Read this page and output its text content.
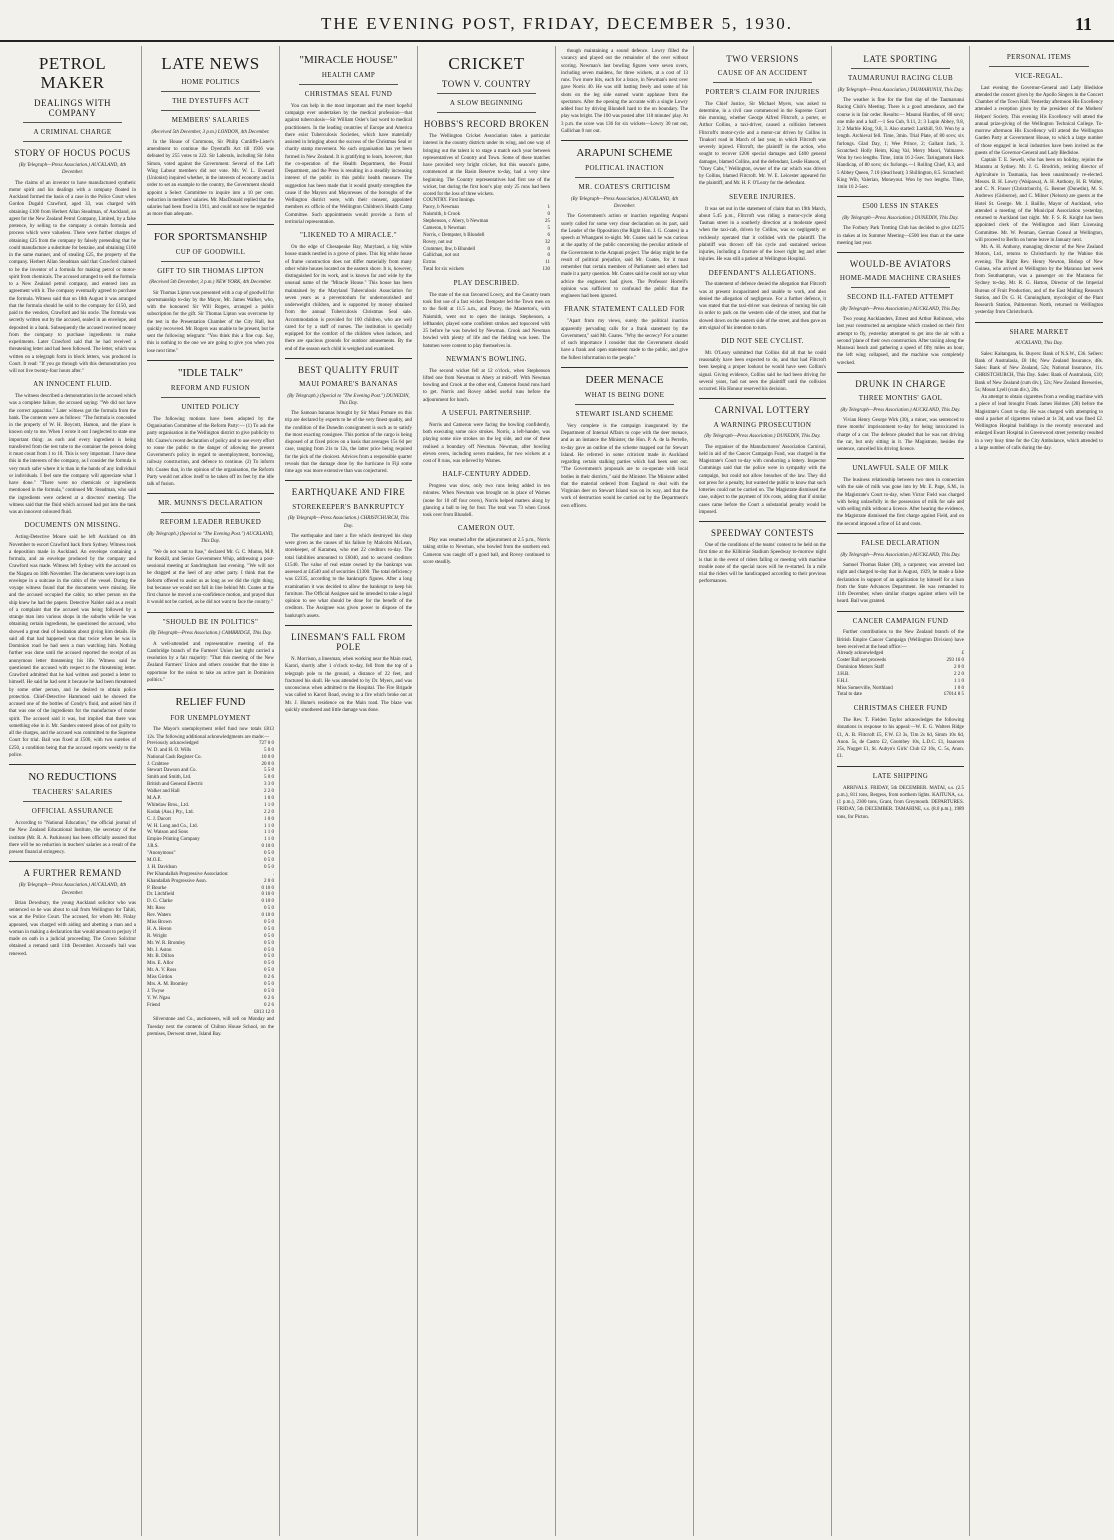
THE EVENING POST, FRIDAY, DECEMBER 5, 1930.	11
PETROL MAKER
DEALINGS WITH COMPANY
A CRIMINAL CHARGE
STORY OF HOCUS POCUS
(By Telegraph—Press Association.) AUCKLAND, 4th December.

The claims of an inventor to have manufactured synthetic motor spirit and his dealings with a company floated in Auckland formed the basis of a case in the Police Court when Gordon Dugald Crawford, aged 33, was charged with obtaining £100 from Herbert Allan Steadman, of Auckland, an agent for the New Zealand Petrol Company, Limited, by a false pretence, by selling to the company a certain formula and process which were valueless. There were further charges of obtaining £25 from the company by falsely pretending that he could manufacture a substitute for benzine, and obtaining £160 in the same manner, and of stealing £25, the property of the company. Herbert Allan Steadman said that Crawford claimed to be the inventor of a formula for making petrol or motor-spirit from chemicals. The accused arranged to sell the formula to a New Zealand petrol company, and entered into an agreement with it. The company eventually agreed to purchase the formula. Witness said that on 18th August it was arranged that the formula should be sold to the company for £150, and paid to the vendors, Crawford and his uncle. The formula was secretly written out by the accused, sealed in an envelope, and deposited in a bank. Subsequently the accused received money from the company to purchase ingredients to make experiments. Later Crawford said that he had received a threatening letter and had been followed. The letter, which was written on a telegraph form in block letters, was produced in Court. It read: "If you go through with this demonstration you will not live twenty-four hours after."

AN INNOCENT FLUID.

The witness described a demonstration in the accused which was a complete failure, the accused saying: "We did not have the correct apparatus." Later witness got the formula from the bank. The contents were as follows: "The formula is concealed in the property of W. H. Boycott, Hamon, and the place is known only to me. When I wrote it out I neglected to state one important thing: as each and every ingredient is being transferred from the test tube to the container the person doing it must count from 1 to 10. This is very important. I have done this in the interests of the company, as I consider the formula is very much safer where it is than in the hands of any individual or individuals. I feel sure the company will appreciate what I have done." "There were no chemicals or ingredients mentioned in the formula," continued Mr. Steadman, who said the ingredients were ordered at a directors' meeting. The witness said that the fluid which accused had put into the tank was an innocent coloured fluid.

DOCUMENTS ON MISSING.

Acting-Detective Moore said he left Auckland on 4th November to escort Crawford back from Sydney. Witness took a deposition made in Auckland. An envelope containing a formula, and an envelope produced by the company and Crawford was made. Witness left Sydney with the accused on the Niagara on 18th November. The documents were kept in an envelope in a suitcase in the cabin of the vessel. During the voyage witness found that the documents were missing. He and the accused occupied the cabin; no other person on the ship knew he had the papers. Detective Nalder said as a result of a complaint that the accused was being followed by a strange man into various shops in the suburbs while he was obtaining certain ingredients, he questioned the accused, who showed a great deal of hesitation about giving him details. He said all that had happened was that twice when he was in Dominion road he had seen a man watching him. Nothing further was done until the accused reported the receipt of an anonymous letter threatening his life. Witness said he questioned the accused with respect to the threatening letter. Crawford admitted that he had written and posted a letter to himself. He said he had sent it because he had been threatened by some other person, and he desired to obtain police protection. Chief-Detective Hammond said he showed the accused one of the bottles of Condy's fluid, and asked him if that was one of the ingredients for the manufacture of motor spirit. The accused said it was, but implied that there was something else in it. Mr. Sanders entered pleas of not guilty to all the charges, and the accused was committed to the Supreme Court for trial. Bail was fixed at £500, with two sureties of £250, a condition being that the accused reports weekly to the police.

NO REDUCTIONS
TEACHERS' SALARIES
OFFICIAL ASSURANCE

According to "National Education," the official journal of the New Zealand Educational Institute, the secretary of the institute (Mr. R. A. Parkinson) has been officially assured that there will be no reduction in teachers' salaries as a result of the present financial stringency.

A FURTHER REMAND
(By Telegraph—Press Association.) AUCKLAND, 4th December.

Brian Dewsbury, the young Auckland solicitor who was sentenced so he was about to sail from Wellington for Tahiti, was at the Police Court. The accused, for whom Mr. Finlay appeared, was charged with aiding and abetting a man and a woman in making a declaration that would amount to perjury if made on oath in a judicial proceeding. The Crown Solicitor obtained a remand until 11th December. Accused's bail was renewed.

LATE NEWS
HOME POLITICS
THE DYESTUFFS ACT
MEMBERS' SALARIES
(Received 5th December, 3 p.m.) LONDON, 4th December.

In the House of Commons, Sir Philip Cunliffe-Lister's amendment to continue the Dyestuffs Act till 1936 was defeated by 255 votes to 222. Sir Laberals, including Sir John Simon, voted against the Government. Several of the Left Wing Labour members did not vote. Mr. W. L. Everard (Unionist) inquired whether, in the interests of economy and in order to set an example to the country, the Government should appoint a Select Committee to inquire into a 10 per cent. reduction in members' salaries. Mr. MacDonald replied that the salaries had been fixed in 1911, and could not now be regarded as more than adequate.

FOR SPORTSMANSHIP
CUP OF GOODWILL
GIFT TO SIR THOMAS LIPTON
(Received 5th December, 3 p.m.) NEW YORK, 4th December.

Sir Thomas Lipton was presented with a cup of goodwill for sportsmanship to-day by the Mayor, Mr. James Walker, who, with the honoured Sir Will Rogers, arranged a public subscription for the gift. Sir Thomas Lipton was overcome by the test in the Presentation Chamber of the City Hall, but quickly recovered. Mr. Rogers was unable to be present, but he sent the following telegram: "You think this a fine cup. Say, this is nothing to the one we are going to give you when you lose next time."

"IDLE TALK"
REFORM AND FUSION
UNITED POLICY

The following motions have been adopted by the Organisation Committee of the Reform Party:— (1) To ask the party organisation in the Wellington district to give publicity to Mr. Coates's recent declaration of policy and to use every effort to rouse the public to the danger of allowing the present Government's policy in regard to unemployment, borrowing, railway construction, and defence to continue. (2) To inform Mr. Coates that, in the opinion of the organisation, the Reform Party would not allow itself to be taken off its feet by the idle talk of fusion.

MR. MUNNS'S DECLARATION
REFORM LEADER REBUKED
(By Telegraph.) (Special to "The Evening Post.") AUCKLAND, This Day.

"We do not want to fuse," declared Mr. G. C. Munns, M.P. for Roskill, and Senior Government Whip, addressing a post-sessional meeting at Sandringham last evening. "We will not be dragged at the heel of any other party. I think that the Reform offered to assist us as long as we did the right thing, but because we would not fall in line behind Mr. Coates at the first chance he moved a no-confidence motion, and prayed that it would not be carried, as he did not want to face the country."

"SHOULD BE IN POLITICS"
(By Telegraph—Press Association.) CAMBRIDGE, This Day.

A well-attended and representative meeting of the Cambridge branch of the Farmers' Union last night carried a resolution by a fair majority: "That this meeting of the New Zealand Farmers' Union and others consider that the time is opportune for the union to take an active part in Dominion politics."

RELIEF FUND
FOR UNEMPLOYMENT

The Mayor's unemployment relief fund now totals £813 12s. The following additional acknowledgments are made:—

Previously acknowledged	727 0 0
W. D. and H. O. Wills	5 0 0
National Cash Register Co.	10 0 0
J. Crabtree	20 0 0
Stewart Dawson and Co.	5 5 0
Smith and Smith, Ltd.	5 0 0
British and General Electric	3 3 0
Walker and Hall	2 2 0
M.A.P.	1 0 0
Whitelaw Bros., Ltd.	1 1 0
Kodak (Aus.) Pty., Ltd.	2 2 0
C. J. Dacort	1 0 0
W. H. Long and Co., Ltd.	1 1 0
W. Watson and Sons	1 1 0
Empire Printing Company	1 1 0
J.R.S.	0 10 0
"Anonymous"	0 5 0
M.O.E.	0 5 0
J. H. Davidson	0 5 0
Per Khandallah Progressive Association:	.
Khandallah Progressive Assn.	2 0 0
P. Bourke	0 10 0
Dr. Litchfield	0 10 0
D. G. Clarke	0 10 0
Mr. Ross	0 5 0
Rev. Waters	0 10 0
Miss Brown	0 5 0
H. A. Heron	0 5 0
R. Wright	0 5 0
Mr. W. R. Bromley	0 5 0
Mr. J. Aston	0 5 0
Mr. B. Dillon	0 5 0
Mrs. E. Allor	0 5 0
Mr. A. V. Ross	0 5 0
Miss Girdon	0 2 6
Mrs. A. M. Bromley	0 5 0
J. Twyse	0 5 0
Y. W. Ngau	0 2 6
Friend	0 2 6
	£813 12 0

Silverstone and Co., auctioneers, will sell on Monday and Tuesday next the contents of Chilton House School, on the premises, Derwent street, Island Bay.

"MIRACLE HOUSE"
HEALTH CAMP
CHRISTMAS SEAL FUND

You can help in the most important and the most hopeful campaign ever undertaken by the medical profession—that against tuberculosis—Sir William Osler's last word to medical practitioners. In the leading countries of Europe and America there exist Tuberculosis Societies, which have materially assisted in bringing about the success of the Christmas Seal or charity stamp movement. No such organisation has yet been formed in New Zealand. It is gratifying to learn, however, that the co-operation of the Health Department, the Postal Department, and the Press is resulting in a steadily increasing interest of the public in this public health measure. The suggestion has been made that it would greatly strengthen the cause if the Mayors and Mayoresses of the boroughs of the Wellington district were, with their consent, appointed members ex officio of the Wellington Children's Health Camp Committee. Such appointments would provide a form of territorial representation.

"LIKENED TO A MIRACLE."

On the edge of Chesapeake Bay, Maryland, a big white house stands nestled in a grove of pines. This big white house of frame construction does not differ materially from many other white houses located on the eastern shore. It is, however, distinguished for its work, and is known far and wide by the unusual name of the "Miracle House." This house has been maintained by the Maryland Tuberculosis Association for seven years as a preventorium for undernourished and underweight children, and is supported by money obtained from the annual Tuberculosis Christmas Seal sale. Accommodation is provided for 100 children, who are well cared for by a staff of nurses. The institution is specially equipped for the comfort of the children when indoors, and there are spacious grounds for outdoor amusements. By the end of the season each child is weighed and examined.

BEST QUALITY FRUIT
MAUI POMARE'S BANANAS
(By Telegraph.) (Special to "The Evening Post.") DUNEDIN, This Day.

The Samoan bananas brought by Sir Maui Pomare on this trip are declared by experts to be of the very finest quality, and the condition of the Dunedin consignment is such as to satisfy the most exacting consignee. This portion of the cargo is being disposed of at fixed prices on a basis that averages 15s 6d per case, ranging from 21s to 12s, the latter price being required for the pick of the choicest. Advices from a responsible quarter reveals that the damage done by the hurricane in Fiji some time ago was more extensive than was conjectured.

EARTHQUAKE AND FIRE
STOREKEEPER'S BANKRUPTCY
(By Telegraph—Press Association.) CHRISTCHURCH, This Day.

The earthquake and later a fire which destroyed his shop were given as the causes of his failure by Malcolm McLean, storekeeper, of Karamea, who met 22 creditors to-day. The total liabilities amounted to £6040, and to secured creditors £1540. The value of real estate owned by the bankrupt was assessed at £4540 and of securities £1300. The total deficiency was £2335, according to the bankrupt's figures. After a long examination it was decided to allow the bankrupt to keep his furniture. The Official Assignee said he intended to take a legal opinion to see what should be done for the benefit of the creditors. The Assignee was given power to dispose of the bankrupt's assets.

LINESMAN'S FALL FROM POLE

N. Morrison, a linesman, when working near the Main road, Karori, shortly after 1 o'clock to-day, fell from the top of a telegraph pole to the ground, a distance of 22 feet, and fractured his skull. He was attended to by Dr. Myers, and was unconscious when admitted to the Hospital. The Fire Brigade was called to Karori Road, owing to a fire which broke out at Mr. J. Hume's residence on the Main road. The blaze was quickly smothered and little damage was done.

CRICKET
TOWN V. COUNTRY
A SLOW BEGINNING
HOBBS'S RECORD BROKEN

The Wellington Cricket Association takes a particular interest in the country districts under its wing, and one way of bringing out the talent is to stage a match each year between representatives of Country and Town. Some of these matches have provided very bright cricket, but this season's game, commenced at the Basin Reserve to-day, had a very slow beginning. The Country representatives had first use of the wicket, but during the first hour's play only 25 runs had been scored for the loss of three wickets.

COUNTRY. First Innings.	
Pacey, b Newman	1
Naismith, b Crook	0
Stephenson, c Abery, b Newman	25
Cameron, b Newman	5
Norris, c Dempster, b Blundell	6
Rovey, not out	32
Crummer, lbw, b Blundell	0
Gallichan, not out	0
Extras	11
Total for six wickets	130
PLAY DESCRIBED.

The state of the sun favoured Lowry, and the Country team took first use of a fast wicket. Dempster led the Town men on to the field at 11.5 a.m., and Pacey, the Masterton's, with Naismith, went out to open the innings. Stephenson, a lefthander, played some confident strokes and topscored with 25 before he was bowled by Newman. Crook and Newman bowled with plenty of life and the fielding was keen. The batsmen were content to play themselves in.

NEWMAN'S BOWLING.

The second wicket fell at 12 o'clock, when Stephenson lifted one from Newman to Abery at mid-off. With Newman bowling and Crook at the other end, Cameron found runs hard to get. Norris and Rovey added useful runs before the adjournment for lunch.

A USEFUL PARTNERSHIP.

Norris and Cameron were facing the bowling confidently, both executing some nice strokes. Norris, a left-hander, was playing some nice strokes on the leg side, and one of these realised a boundary off Newman. Newman, after bowling eleven overs, including seven maidens, for two wickets at a cost of 8 runs, was relieved by Warnes.

HALF-CENTURY ADDED.

Progress was slow, only two runs being added in ten minutes. When Newman was brought on in place of Warnes (none for 10 off four overs), Norris helped matters along by glancing a ball to leg for four. The total was 73 when Crook took over from Blundell.

CAMERON OUT.

Play was resumed after the adjournment at 2.5 p.m., Norris taking strike to Newman, who bowled from the southern end. Cameron was caught off a good ball, and Rovey continued to score steadily.

though maintaining a sound defence. Lowry filled the vacancy and played out the remainder of the over without scoring. Newman's last bowling figures were seven overs, including seven maidens, for three wickets, at a cost of 13 runs. Two more hits, each for a brace, in Newman's next over gave Norris 40. He was still batting freely and some of his shots on the leg side earned warm applause from the spectators. After the opening the accurate with a single Lowry added four by driving Blundell hard to the on boundary. The play was bright. The 100 was posted after 110 minutes' play. At 3 p.m. the score was 136 for six wickets—Lowry 30 not out, Gallichan 0 not out.

ARAPUNI SCHEME
POLITICAL INACTION
MR. COATES'S CRITICISM
(By Telegraph—Press Association.) AUCKLAND, 4th December.

The Government's action or inaction regarding Arapuni surely called for some very clear declaration on its part, said the Leader of the Opposition (the Right Hon. J. G. Coates) in a speech at Whangarei to-night. Mr. Coates said he was curious at the apathy of the public concerning the peculiar attitude of the Government to the Arapuni project. The delay might be the result of political prejudice, said Mr. Coates, for it must remember that certain members of Parliament and others had made it a party question. Mr. Coates said he could not say what advice the engineers had given. The Professor Horrell's opinion was sufficient to confound the public that the engineers had been ignored.

FRANK STATEMENT CALLED FOR

"Apart from my views, surely the political inaction apparently pervading calls for a frank statement by the Government," said Mr. Coates. "Why the secrecy? For a matter of such importance I consider that the Government should have a frank and open statement made to the public, and give the fullest information to the people."

DEER MENACE
WHAT IS BEING DONE
STEWART ISLAND SCHEME

Very complete is the campaign inaugurated by the Department of Internal Affairs to cope with the deer menace, and as an instance the Minister, the Hon. P. A. de la Perrelle, to-day gave an outline of the scheme mapped out for Stewart Island. He referred in some criticism made in Auckland regarding certain stalking parties which had been sent out. "The Government's proposals are to co-operate with local bodies in their districts," said the Minister. The Minister added that the material ordered from England to deal with the Virginian deer on Stewart Island was on its way, and that the work of destruction would be carried out by the Department's own officers.

TWO VERSIONS
CAUSE OF AN ACCIDENT
PORTER'S CLAIM FOR INJURIES

The Chief Justice, Sir Michael Myers, was asked to determine, in a civil case commenced in the Supreme Court this morning, whether George Alfred Flitcroft, a porter, or Arthur Collins, a taxi-driver, caused a collision between Flitcroft's motor-cycle and a motor-car driven by Collins in Tinakori road in March of last year, in which Flitcroft was severely injured. Flitcroft, the plaintiff in the action, who sought to recover £206 special damages and £400 general damages, blamed Collins, and the defendant, Leslie Hanson, of "Ozey Cabs," Wellington, owner of the car which was driven by Collins, blamed Flitcroft. Mr. W. E. Leicester appeared for the plaintiff, and Mr. H. F. O'Leary for the defendant.

SEVERE INJURIES.

It was set out in the statement of claim that on 19th March, about 5.45 p.m., Flitcroft was riding a motor-cycle along Tasman street in a southerly direction at a moderate speed when the taxi-cab, driven by Collins, was so negligently or recklessly operated that it collided with the plaintiff. The plaintiff was thrown off his cycle and sustained serious injuries, including a fracture of the lower right leg and other injuries. He was still a patient at Wellington Hospital.

DEFENDANT'S ALLEGATIONS.

The statement of defence denied the allegation that Flitcroft was at present incapacitated and unable to work, and also denied the allegation of negligence. For a further defence, it was stated that the taxi-driver was desirous of turning his cab in order to park on the western side of the street, and that he slowed down on the eastern side of the street, and then gave an arm signal of his intention to turn.

DID NOT SEE CYCLIST.

Mr. O'Leary submitted that Collins did all that he could reasonably have been expected to do, and that had Flitcroft been keeping a proper lookout he would have seen Collins's signal. Giving evidence, Collins said he had been driving for several years, had not seen the plaintiff until the collision occurred. His Honour reserved his decision.

CARNIVAL LOTTERY
A WARNING PROSECUTION
(By Telegraph—Press Association.) DUNEDIN, This Day.

The organiser of the Manufacturers' Association Carnival, held in aid of the Cancer Campaign Fund, was charged in the Magistrate's Court to-day with conducting a lottery. Inspector Cummings said that the police were in sympathy with the campaign, but could not allow breaches of the law. They did not press for a penalty, but wanted the public to know that such lotteries could not be carried on. The Magistrate dismissed the case, subject to the payment of 10s costs, adding that if similar cases came before the Court a substantial penalty would be imposed.

SPEEDWAY CONTESTS

One of the conditions of the teams' contest to be held on the first time at the Kilbirnie Stadium Speedway to-morrow night is that in the event of riders falling or meeting with machine trouble none of the special races will be re-started. In a mile trial the riders will be handicapped according to their previous performances.

LATE SPORTING
TAUMARUNUI RACING CLUB
(By Telegraph—Press Association.) TAUMARUNUI, This Day.

The weather is fine for the first day of the Taumarunui Racing Club's Meeting. There is a good attendance, and the course is in fair order. Results:— Maunui Hurdles, of 80 sovs; one mile and a half.—1 Sea Cub, 9.11, 2; 3 Lupin Abbey, 9.8, 3; 2 Marble King, 9.8, 3. Also started: Larkhill, 9.0. Won by a length. Archieval fell. Time, 3min. Trial Plate, of 80 sovs; six furlongs. Glad Day, 1; Wee Prince, 2; Gallant Jack, 3. Scratched: Holly Heim, King Val, Merry Maori, Valmaree. Won by two lengths. Time, 1min 16 2-5sec. Taringamotu Hack Handicap, of 80 sovs; six furlongs.—1 Rolling Chief, 8.3, and 5 Abbey Queen, 7.10 (dead heat); 3 Shillington, 8.5. Scratched: King Wib, Valerian, Moneyout. Won by two lengths. Time, 1min 16 2-5sec.

£500 LESS IN STAKES
(By Telegraph—Press Association.) DUNEDIN, This Day.

The Forbury Park Trotting Club has decided to give £4275 in stakes at its Summer Meeting—£500 less than at the same meeting last year.

WOULD-BE AVIATORS
HOME-MADE MACHINE CRASHES
SECOND ILL-FATED ATTEMPT
(By Telegraph—Press Association.) AUCKLAND, This Day.

Two young Aucklanders, Ernest and Arthur Robinson, who last year constructed an aeroplane which crashed on their first attempt to fly, yesterday attempted to get into the air with a second 'plane of their own construction. After taxiing along the Marawai beach and gathering a speed of fifty miles an hour, the left wing collapsed, and the machine was completely wrecked.

DRUNK IN CHARGE
THREE MONTHS' GAOL
(By Telegraph—Press Association.) AUCKLAND, This Day.

Vivian Henry George Wirk (30), a miner, was sentenced to three months' imprisonment to-day for being intoxicated in charge of a car. The defence pleaded that he was not driving the car, but only sitting in it. The Magistrate, besides the sentence, cancelled his driving licence.

UNLAWFUL SALE OF MILK

The business relationship between two men in connection with the sale of milk was gone into by Mr. E. Page, S.M., in the Magistrate's Court to-day, when Victor Field was charged with being unlawfully in the possession of milk for sale and with selling milk without a licence. After hearing the evidence, the Magistrate dismissed the first charge against Field, and on the second imposed a fine of £4 and costs.

FALSE DECLARATION
(By Telegraph—Press Association.) AUCKLAND, This Day.

Samuel Thomas Baker (38), a carpenter, was arrested last night and charged to-day that in August, 1929, he made a false declaration in support of an application by himself for a loan from the State Advances Department. He was remanded to 11th December, when similar charges against others will be heard. Bail was granted.

CANCER CAMPAIGN FUND

Further contributions to the New Zealand branch of the British Empire Cancer Campaign (Wellington Division) have been received at the head office:—

Already acknowledged	£
Coster Ball net proceeds	293 16 0
Dominion Motors Staff	2 0 0
J.H.B.	2 2 0
F.H.J.	1 1 0
Miss Somerville, Northland	1 0 0
Total to date	£7014 8 5
CHRISTMAS CHEER FUND

The Rev. T. Fielden Taylor acknowledges the following donations in response to his appeal:—W. E. G. Walters Ridge £1, A. B. Flitcroft £5, F.W. £3 3s, Tim 2s 6d, Simm 10s 6d, Anon. 5s, de Castro £2, Coombey 10s, L.D.C. £1, Isaacson 25s, Nugget £1, St. Aubyn's Girls' Club £2 10s, C. 5s, Anon. £1.

LATE SHIPPING

ARRIVALS. FRIDAY, 5th DECEMBER. MATAI, s.s. (2.5 p.m.), 811 tons, Bergess, from northern lights. KAITUNA, s.s. (1 p.m.), 2300 tons, Grant, from Greymouth. DEPARTURES. FRIDAY, 5th DECEMBER. TAMAHINE, s.s. (8.0 p.m.), 1989 tons, for Picton.

PERSONAL ITEMS
VICE-REGAL.

Last evening the Governor-General and Lady Bledisloe attended the concert given by the Apollo Singers in the Concert Chamber of the Town Hall. Yesterday afternoon His Excellency attended a reception given by the president of the Mothers' Helpers' Society. This evening His Excellency will attend the annual prize-giving of the Wellington Technical College. To-morrow afternoon His Excellency will attend the Wellington Garden Party at Government House, to which a large number of those engaged in local industries have been invited as the guests of the Governor-General and Lady Bledisloe.

Captain T. E. Sewell, who has been on holiday, rejoins the Maramu at Sydney. Mr. J. G. Brodrick, retiring director of Agriculture in Tasmania, has been unanimously re-elected. Messrs. B. H. Lowry (Waipawa), A. H. Anthony, H. B. Walter, and C. N. Fraser (Christchurch), G. Bennet (Dunedin), M. S. Andrews (Gisborne), and C. Milner (Nelson) are guests at the Hotel St. George. Mr. J. Baillie, Mayor of Auckland, who attended a meeting of the Municipal Association yesterday, returned to Auckland last night. Mr. F. S. R. Knight has been appointed clerk of the Wellington and Hutt Licensing Committee. Mr. W. Penman, German Consul at Wellington, will proceed to Berlin on home leave in January next.

Mr. A. H. Anthony, managing director of the New Zealand Motors, Ltd., returns to Christchurch by the Wahine this evening. The Right Rev. Henry Newton, Bishop of New Guinea, who arrived at Wellington by the Maranoa last week from Southampton, was a passenger on the Maranoa for Sydney to-day. Mr. R. G. Hatton, Director of the Imperial Bureau of Fruit Production, and of the East Malling Research Station, and Dr. G. H. Cunningham, mycologist of the Plant Research Station, Palmerston North, returned to Wellington yesterday from Christchurch.

SHARE MARKET
AUCKLAND, This Day.

Sales: Kaitangata, 6s. Buyers: Bank of N.S.W., £36. Sellers: Bank of Australasia, £8 18s; New Zealand Insurance, 48s. Sales: Bank of New Zealand, 52s; National Insurance, 11s. CHRISTCHURCH, This Day. Sales: Bank of Australasia, £10; Bank of New Zealand (cum div.), 52s; New Zealand Breweries, 5s; Mount Lyell (cum div.), 20s.

An attempt to obtain cigarettes from a vending machine with a piece of lead brought Frank James Holmes (28) before the Magistrate's Court to-day. He was charged with attempting to steal a packet of cigarettes valued at 1s 3d, and was fined £2. Wellington Hospital buildings in the recently renovated and enlarged Ewart Hospital in Greenwood street yesterday resulted in a very busy time for the City Ambulance, which attended to a large number of calls during the day.
